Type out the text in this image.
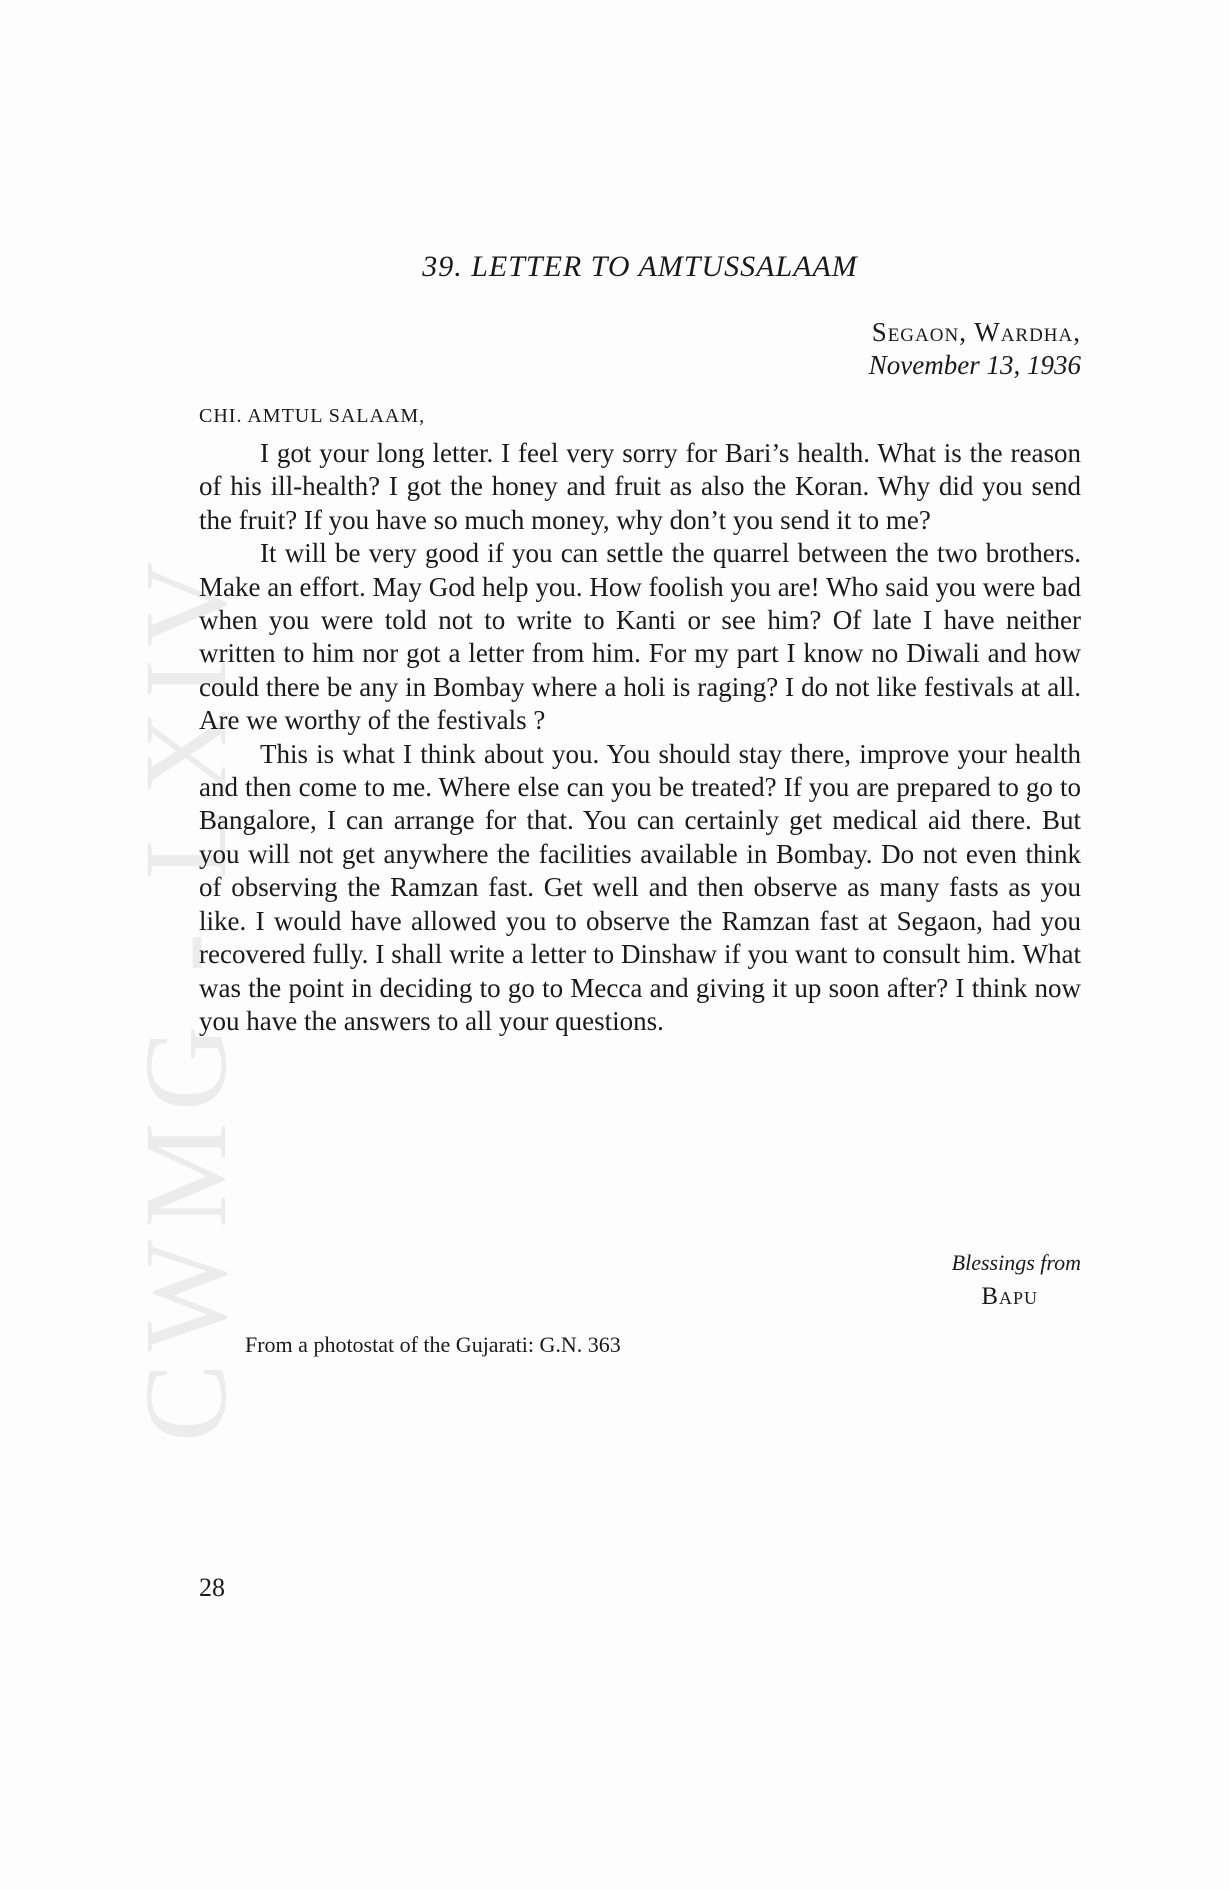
CWMG - LXIV
39. LETTER TO AMTUSSALAAM
Segaon, Wardha,
November 13, 1936
CHI. AMTUL SALAAM,

I got your long letter. I feel very sorry for Bari’s health. What is the reason of his ill-health? I got the honey and fruit as also the Koran. Why did you send the fruit? If you have so much money, why don’t you send it to me?

It will be very good if you can settle the quarrel between the two brothers. Make an effort. May God help you. How foolish you are! Who said you were bad when you were told not to write to Kanti or see him? Of late I have neither written to him nor got a letter from him. For my part I know no Diwali and how could there be any in Bombay where a holi is raging? I do not like festivals at all. Are we worthy of the festivals ?

This is what I think about you. You should stay there, improve your health and then come to me. Where else can you be treated? If you are prepared to go to Bangalore, I can arrange for that. You can certainly get medical aid there. But you will not get anywhere the facilities available in Bombay. Do not even think of observing the Ramzan fast. Get well and then observe as many fasts as you like. I would have allowed you to observe the Ramzan fast at Segaon, had you recovered fully. I shall write a letter to Dinshaw if you want to consult him. What was the point in deciding to go to Mecca and giving it up soon after? I think now you have the answers to all your questions.

Blessings from
Bapu
From a photostat of the Gujarati: G.N. 363
28
